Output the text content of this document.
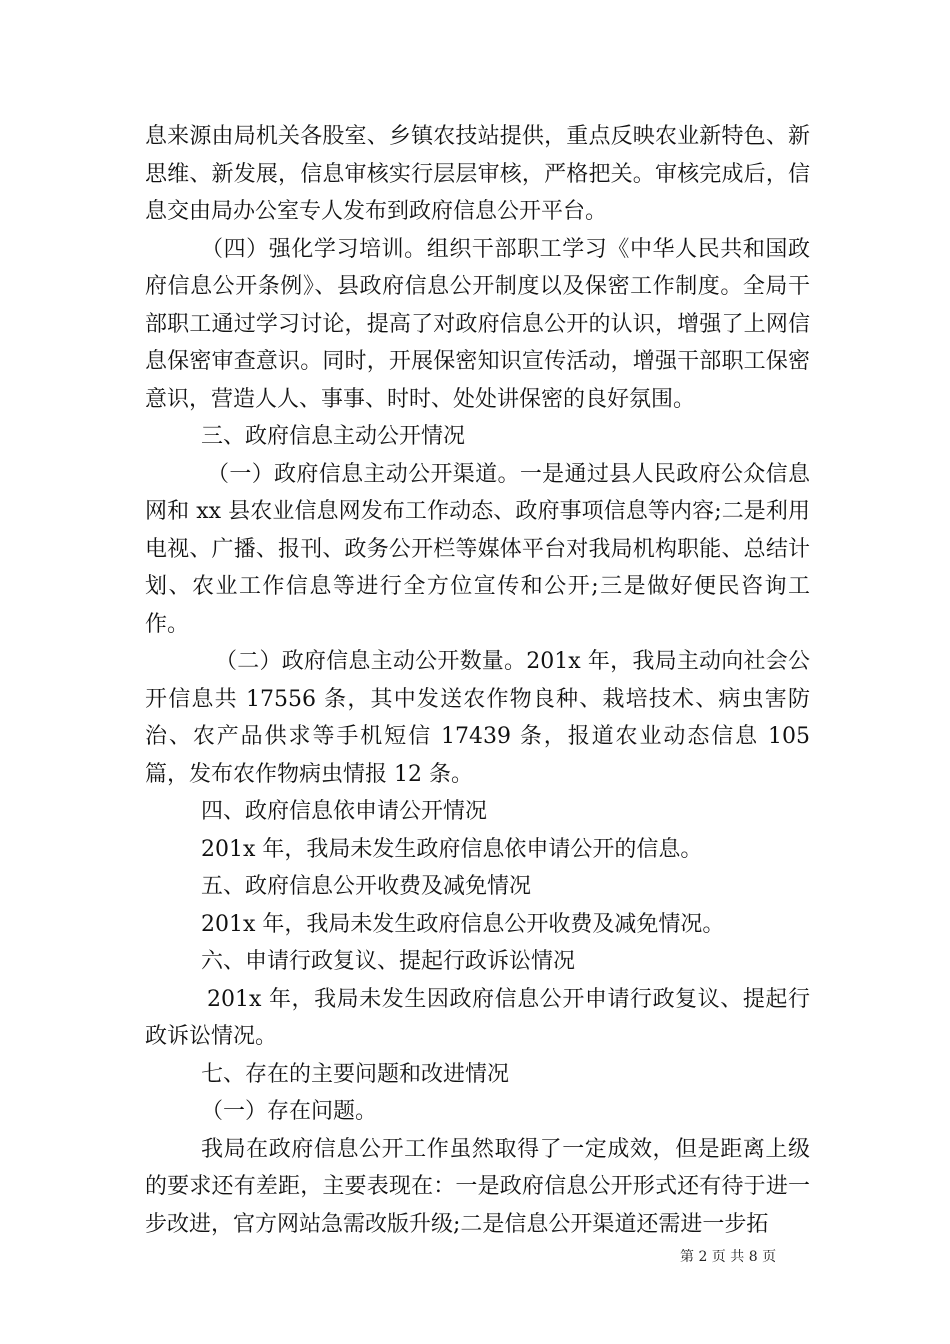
息来源由局机关各股室、乡镇农技站提供，重点反映农业新特色、新思维、新发展，信息审核实行层层审核，严格把关。审核完成后，信息交由局办公室专人发布到政府信息公开平台。

（四）强化学习培训。组织干部职工学习《中华人民共和国政府信息公开条例》、县政府信息公开制度以及保密工作制度。全局干部职工通过学习讨论，提高了对政府信息公开的认识，增强了上网信息保密审查意识。同时，开展保密知识宣传活动，增强干部职工保密意识，营造人人、事事、时时、处处讲保密的良好氛围。

三、政府信息主动公开情况

（一）政府信息主动公开渠道。一是通过县人民政府公众信息网和 xx 县农业信息网发布工作动态、政府事项信息等内容;二是利用电视、广播、报刊、政务公开栏等媒体平台对我局机构职能、总结计划、农业工作信息等进行全方位宣传和公开;三是做好便民咨询工作。

（二）政府信息主动公开数量。201x 年，我局主动向社会公开信息共 17556 条，其中发送农作物良种、栽培技术、病虫害防治、农产品供求等手机短信 17439 条，报道农业动态信息 105 篇，发布农作物病虫情报 12 条。

四、政府信息依申请公开情况

201x 年，我局未发生政府信息依申请公开的信息。

五、政府信息公开收费及减免情况

201x 年，我局未发生政府信息公开收费及减免情况。

六、申请行政复议、提起行政诉讼情况

201x 年，我局未发生因政府信息公开申请行政复议、提起行政诉讼情况。

七、存在的主要问题和改进情况

（一）存在问题。

我局在政府信息公开工作虽然取得了一定成效，但是距离上级的要求还有差距，主要表现在：一是政府信息公开形式还有待于进一步改进，官方网站急需改版升级;二是信息公开渠道还需进一步拓

第 2 页 共 8 页
